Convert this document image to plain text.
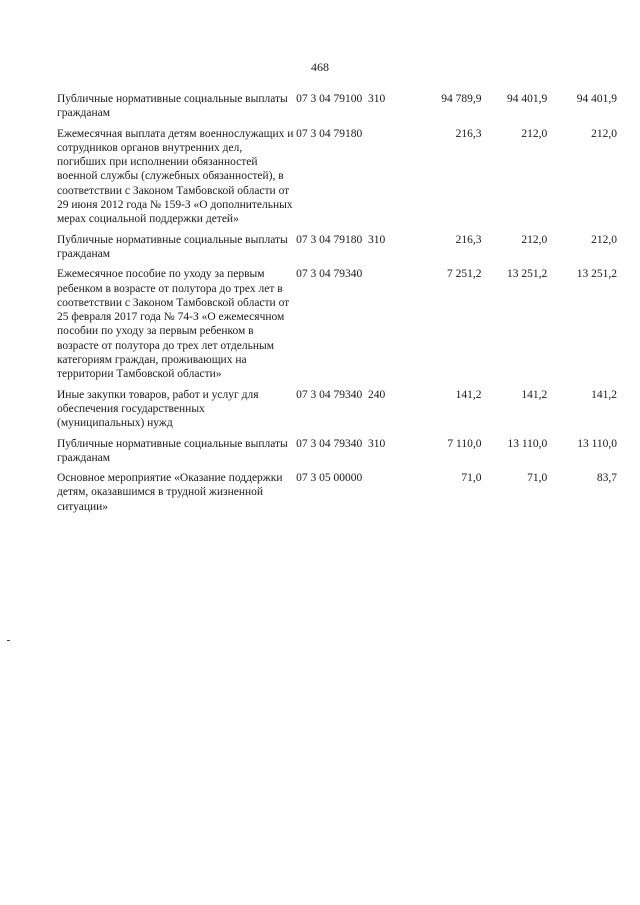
468
Публичные нормативные социальные выплаты гражданам
07 3 04 79100  310	94 789,9	94 401,9	94 401,9
Ежемесячная выплата детям военнослужащих и сотрудников органов внутренних дел, погибших при исполнении обязанностей военной службы (служебных обязанностей), в соответствии с Законом Тамбовской области от 29 июня 2012 года № 159-З «О дополнительных мерах социальной поддержки детей»
07 3 04 79180	216,3	212,0	212,0
Публичные нормативные социальные выплаты гражданам
07 3 04 79180  310	216,3	212,0	212,0
Ежемесячное пособие по уходу за первым ребенком в возрасте от полутора до трех лет в соответствии с Законом Тамбовской области от 25 февраля 2017 года № 74-З «О ежемесячном пособии по уходу за первым ребенком в возрасте от полутора до трех лет отдельным категориям граждан, проживающих на территории Тамбовской области»
07 3 04 79340	7 251,2	13 251,2	13 251,2
Иные закупки товаров, работ и услуг для обеспечения государственных (муниципальных) нужд
07 3 04 79340  240	141,2	141,2	141,2
Публичные нормативные социальные выплаты гражданам
07 3 04 79340  310	7 110,0	13 110,0	13 110,0
Основное мероприятие «Оказание поддержки детям, оказавшимся в трудной жизненной ситуации»
07 3 05 00000	71,0	71,0	83,7
